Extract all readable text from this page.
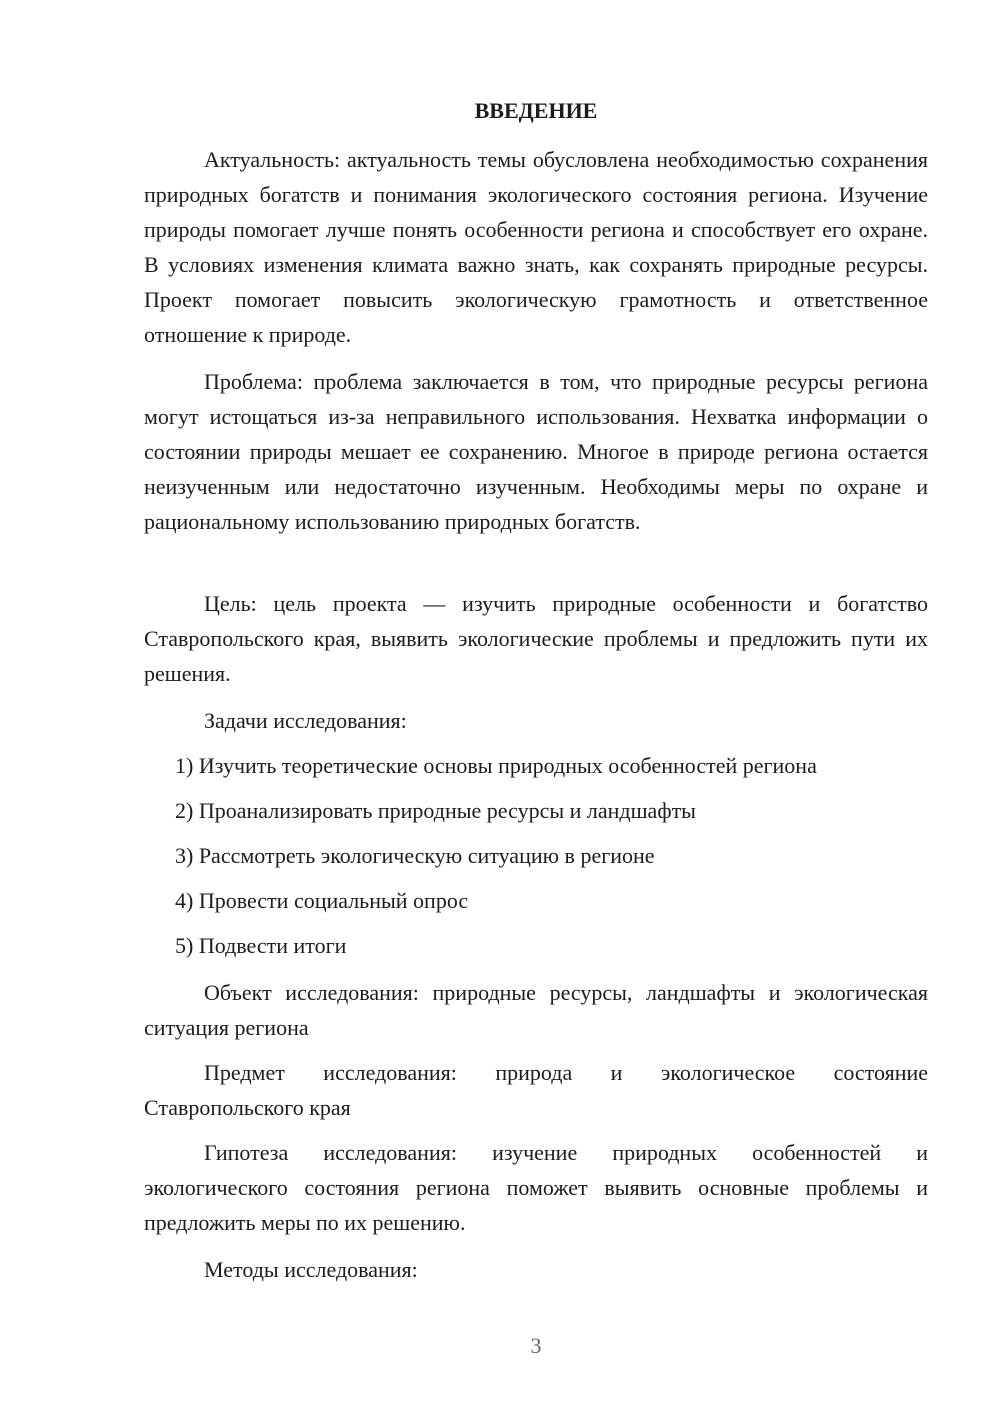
ВВЕДЕНИЕ

Актуальность: актуальность темы обусловлена необходимостью сохранения природных богатств и понимания экологического состояния региона. Изучение природы помогает лучше понять особенности региона и способствует его охране. В условиях изменения климата важно знать, как сохранять природные ресурсы. Проект помогает повысить экологическую грамотность и ответственное отношение к природе.

Проблема: проблема заключается в том, что природные ресурсы региона могут истощаться из-за неправильного использования. Нехватка информации о состоянии природы мешает ее сохранению. Многое в природе региона остается неизученным или недостаточно изученным. Необходимы меры по охране и рациональному использованию природных богатств.

Цель: цель проекта — изучить природные особенности и богатство Ставропольского края, выявить экологические проблемы и предложить пути их решения.

Задачи исследования:

1) Изучить теоретические основы природных особенностей региона

2) Проанализировать природные ресурсы и ландшафты

3) Рассмотреть экологическую ситуацию в регионе

4) Провести социальный опрос

5) Подвести итоги

Объект исследования: природные ресурсы, ландшафты и экологическая ситуация региона

Предмет исследования: природа и экологическое состояние Ставропольского края

Гипотеза исследования: изучение природных особенностей и экологического состояния региона поможет выявить основные проблемы и предложить меры по их решению.

Методы исследования:

3
